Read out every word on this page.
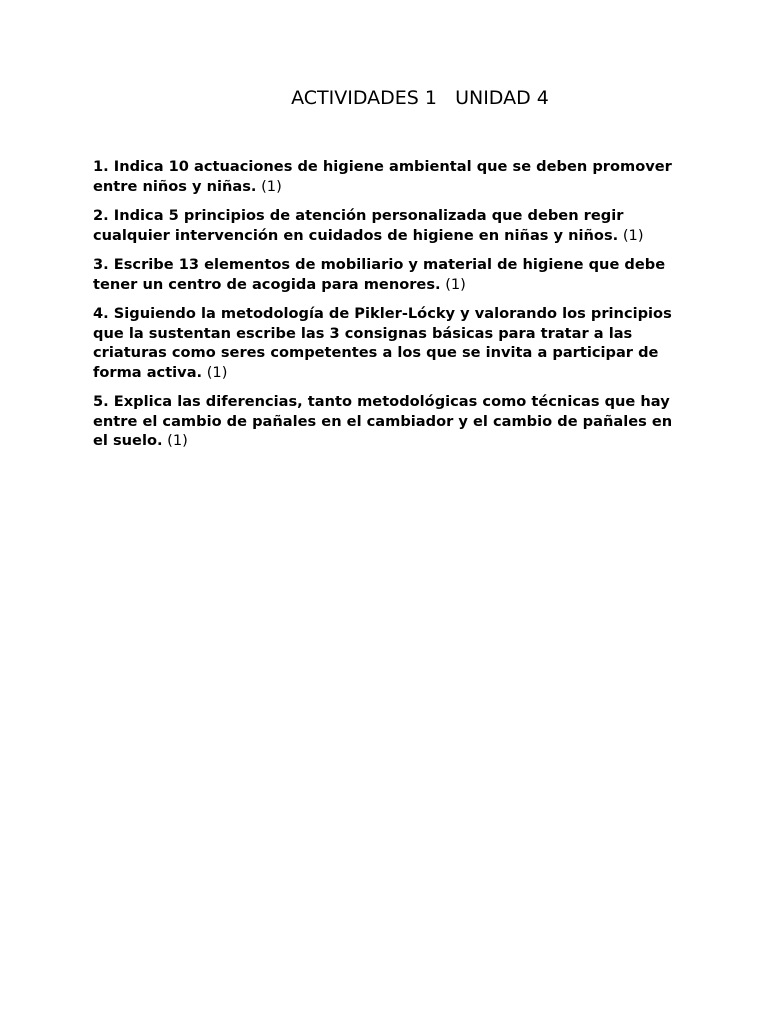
ACTIVIDADES 1   UNIDAD 4
1. Indica 10 actuaciones de higiene ambiental que se deben promover entre niños y niñas. (1)
2. Indica 5 principios de atención personalizada que deben regir cualquier intervención en cuidados de higiene en niñas y niños. (1)
3. Escribe 13 elementos de mobiliario y material de higiene que debe tener un centro de acogida para menores. (1)
4. Siguiendo la metodología de Pikler-Lócky y valorando los principios que la sustentan escribe las 3 consignas básicas para tratar a las criaturas como seres competentes a los que se invita a participar de forma activa. (1)
5. Explica las diferencias, tanto metodológicas como técnicas que hay entre el cambio de pañales en el cambiador y el cambio de pañales en el suelo. (1)
